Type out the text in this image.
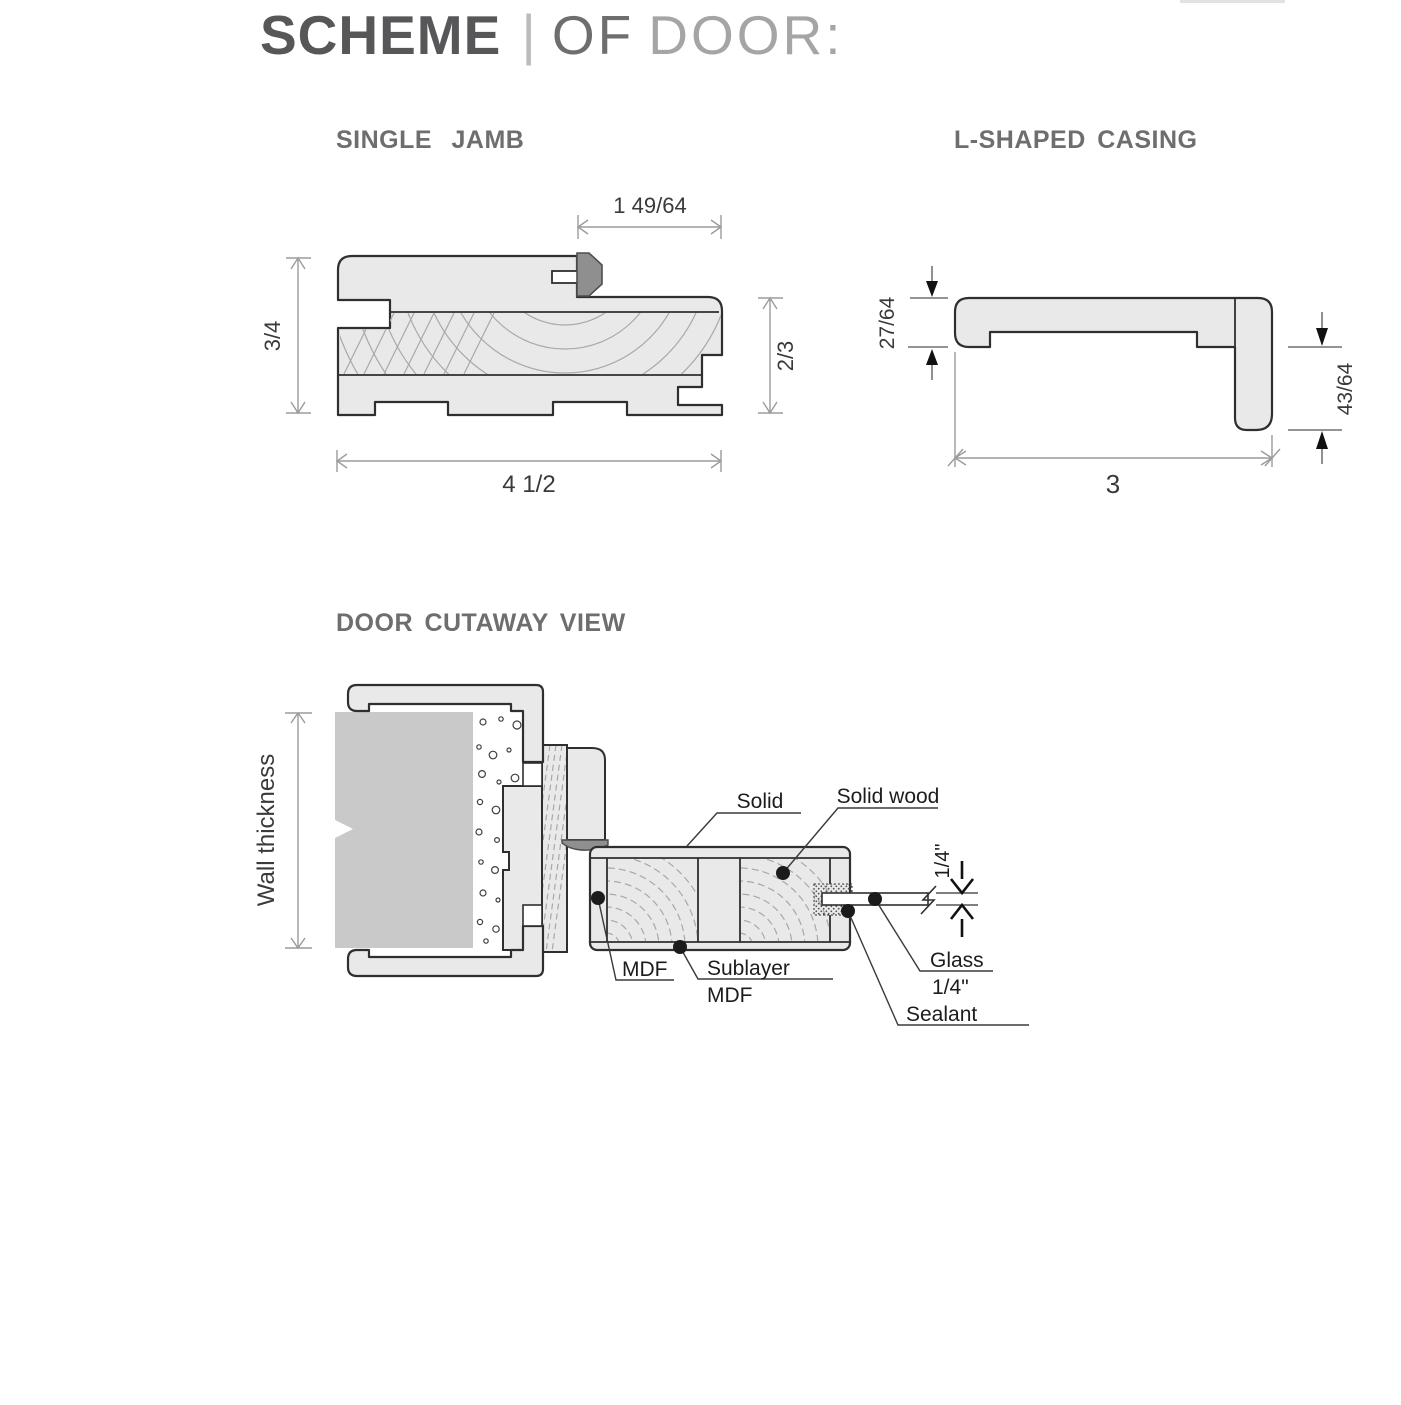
SCHEME | OF DOOR:
SINGLE JAMB	L-SHAPED CASING
DOOR CUTAWAY VIEW
1 49/64
3/4
2/3
4 1/2
27/64
43/64
3
Wall thickness	1/4"
Solid	Solid wood
MDF Sublayer
MDF
Glass
1/4"
Sealant
